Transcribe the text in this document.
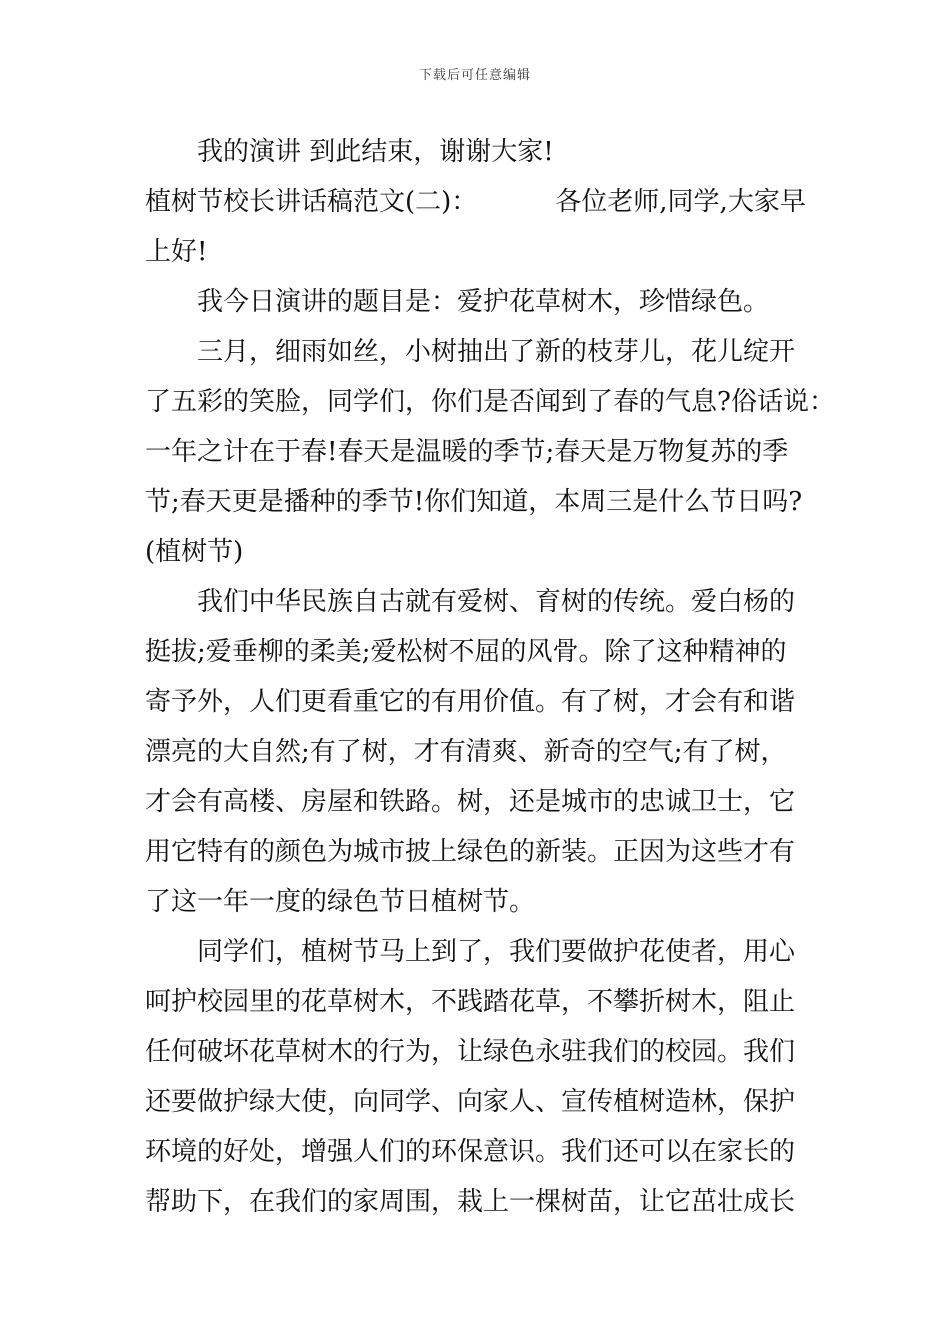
下载后可任意编辑
我的演讲 到此结束，谢谢大家!
植树节校长讲话稿范文(二)：	各位老师,同学,大家早
上好!
我今日演讲的题目是：爱护花草树木，珍惜绿色。
三月，细雨如丝，小树抽出了新的枝芽儿，花儿绽开
了五彩的笑脸，同学们，你们是否闻到了春的气息?俗话说：
一年之计在于春!春天是温暖的季节;春天是万物复苏的季
节;春天更是播种的季节!你们知道，本周三是什么节日吗?
(植树节)
我们中华民族自古就有爱树、育树的传统。爱白杨的
挺拔;爱垂柳的柔美;爱松树不屈的风骨。除了这种精神的
寄予外，人们更看重它的有用价值。有了树，才会有和谐
漂亮的大自然;有了树，才有清爽、新奇的空气;有了树，
才会有高楼、房屋和铁路。树，还是城市的忠诚卫士，它
用它特有的颜色为城市披上绿色的新装。正因为这些才有
了这一年一度的绿色节日植树节。
同学们，植树节马上到了，我们要做护花使者，用心
呵护校园里的花草树木，不践踏花草，不攀折树木，阻止
任何破坏花草树木的行为，让绿色永驻我们的校园。我们
还要做护绿大使，向同学、向家人、宣传植树造林，保护
环境的好处，增强人们的环保意识。我们还可以在家长的
帮助下，在我们的家周围，栽上一棵树苗，让它茁壮成长
